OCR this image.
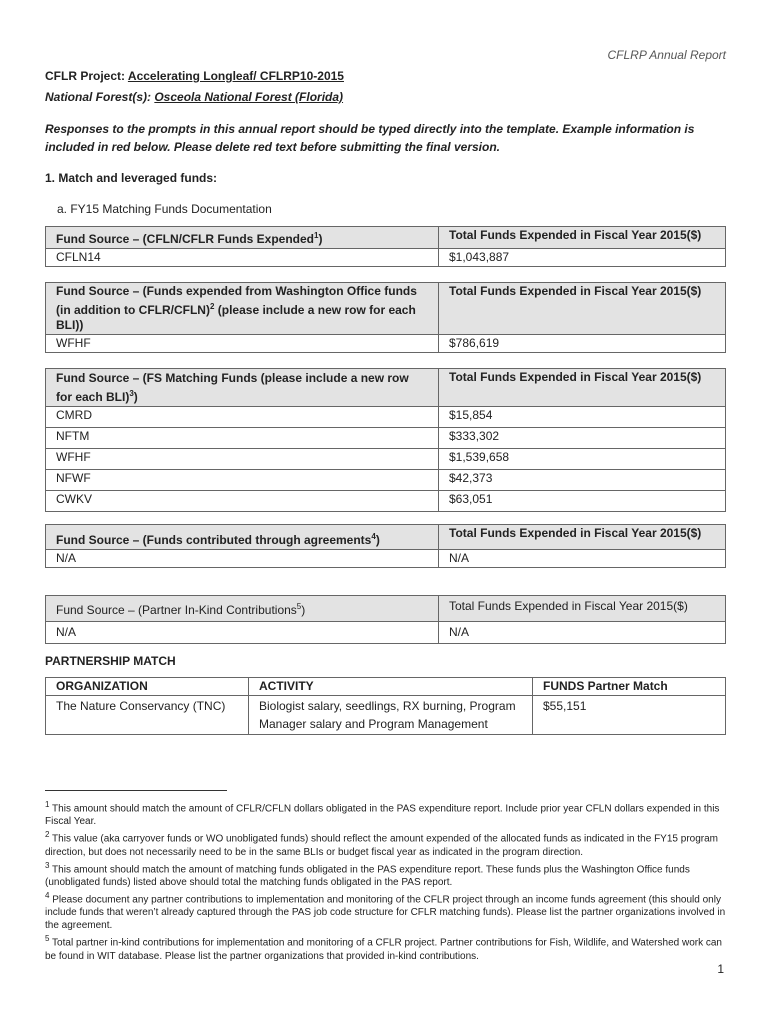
CFLRP Annual Report
CFLR Project: Accelerating Longleaf/ CFLRP10-2015
National Forest(s): Osceola National Forest (Florida)
Responses to the prompts in this annual report should be typed directly into the template. Example information is included in red below. Please delete red text before submitting the final version.
1. Match and leveraged funds:
a. FY15 Matching Funds Documentation
Fund Source – (CFLN/CFLR Funds Expended$^1$)	Total Funds Expended in Fiscal Year 2015($)
CFLN14	$1,043,887
Fund Source – (Funds expended from Washington Office funds (in addition to CFLR/CFLN)$^2$ (please include a new row for each BLI))	Total Funds Expended in Fiscal Year 2015($)
WFHF	$786,619
Fund Source – (FS Matching Funds (please include a new row for each BLI)$^3$)	Total Funds Expended in Fiscal Year 2015($)
CMRD	$15,854
NFTM	$333,302
WFHF	$1,539,658
NFWF	$42,373
CWKV	$63,051
Fund Source – (Funds contributed through agreements$^4$)	Total Funds Expended in Fiscal Year 2015($)
N/A	N/A
Fund Source – (Partner In-Kind Contributions$^5$)	Total Funds Expended in Fiscal Year 2015($)
N/A	N/A
PARTNERSHIP MATCH
ORGANIZATION	ACTIVITY	FUNDS Partner Match
The Nature Conservancy (TNC)	Biologist salary, seedlings, RX burning, Program Manager salary and Program Management	$55,151

$^1$ This amount should match the amount of CFLR/CFLN dollars obligated in the PAS expenditure report. Include prior year CFLN dollars expended in this Fiscal Year.

$^2$ This value (aka carryover funds or WO unobligated funds) should reflect the amount expended of the allocated funds as indicated in the FY15 program direction, but does not necessarily need to be in the same BLIs or budget fiscal year as indicated in the program direction.

$^3$ This amount should match the amount of matching funds obligated in the PAS expenditure report. These funds plus the Washington Office funds (unobligated funds) listed above should total the matching funds obligated in the PAS report.

$^4$ Please document any partner contributions to implementation and monitoring of the CFLR project through an income funds agreement (this should only include funds that weren’t already captured through the PAS job code structure for CFLR matching funds). Please list the partner organizations involved in the agreement.

$^5$ Total partner in-kind contributions for implementation and monitoring of a CFLR project. Partner contributions for Fish, Wildlife, and Watershed work can be found in WIT database. Please list the partner organizations that provided in-kind contributions.

1
